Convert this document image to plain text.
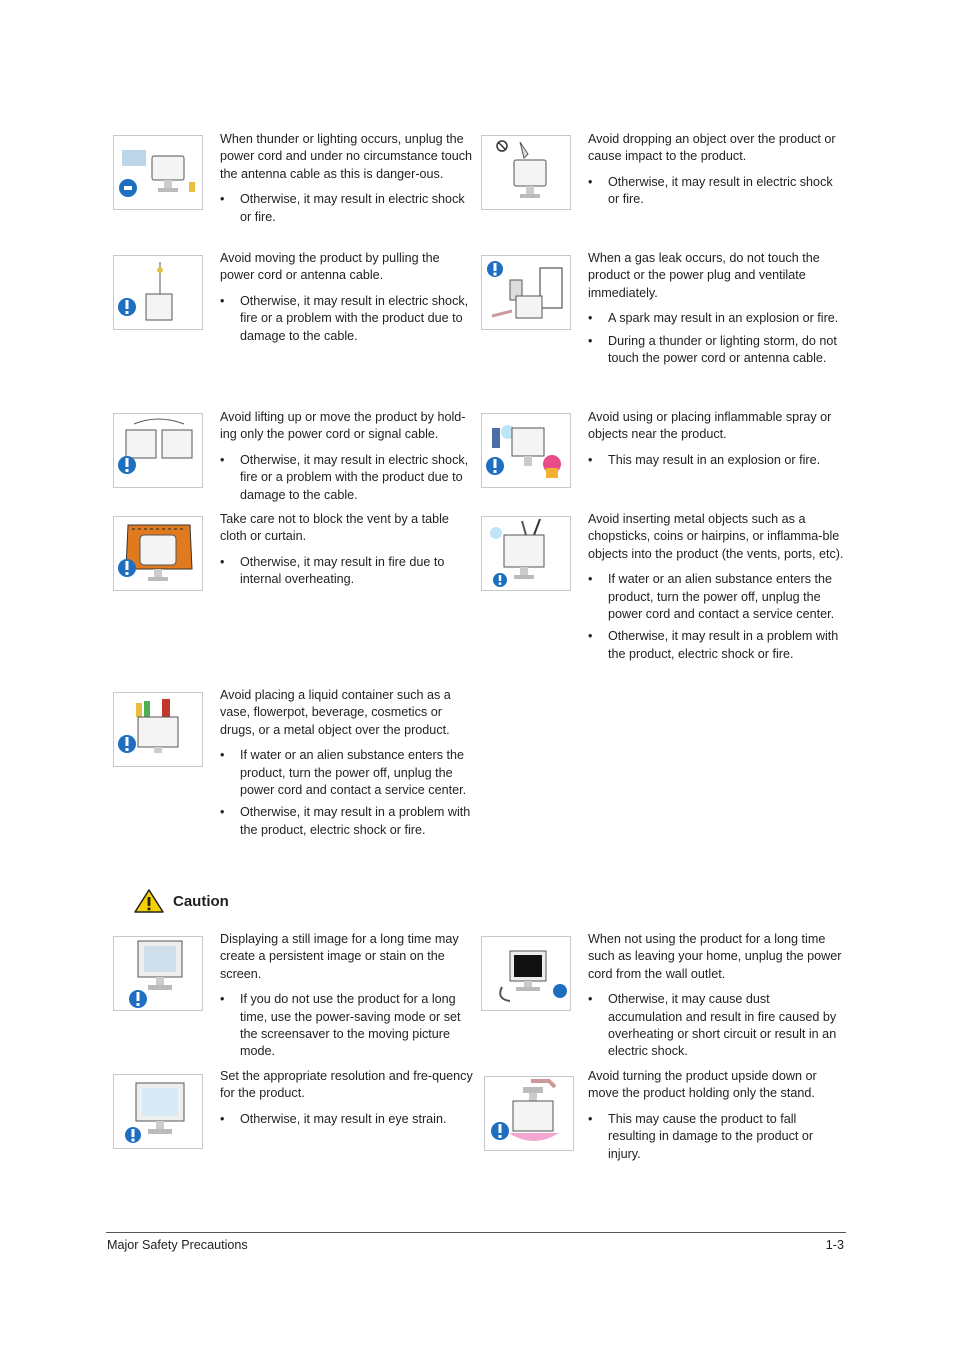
When thunder or lighting occurs, unplug the power cord and under no circumstance touch the antenna cable as this is danger-ous.

• Otherwise, it may result in electric shock or fire.

Avoid dropping an object over the product or cause impact to the product.

• Otherwise, it may result in electric shock or fire.

Avoid moving the product by pulling the power cord or antenna cable.

• Otherwise, it may result in electric shock, fire or a problem with the product due to damage to the cable.

When a gas leak occurs, do not touch the product or the power plug and ventilate immediately.

• A spark may result in an explosion or fire.
• During a thunder or lighting storm, do not touch the power cord or antenna cable.

Avoid lifting up or move the product by hold-ing only the power cord or signal cable.

• Otherwise, it may result in electric shock, fire or a problem with the product due to damage to the cable.

Avoid using or placing inflammable spray or objects near the product.

• This may result in an explosion or fire.

Take care not to block the vent by a table cloth or curtain.

• Otherwise, it may result in fire due to internal overheating.

Avoid inserting metal objects such as a chopsticks, coins or hairpins, or inflamma-ble objects into the product (the vents, ports, etc).

• If water or an alien substance enters the product, turn the power off, unplug the power cord and contact a service center.
• Otherwise, it may result in a problem with the product, electric shock or fire.

Avoid placing a liquid container such as a vase, flowerpot, beverage, cosmetics or drugs, or a metal object over the product.

• If water or an alien substance enters the product, turn the power off, unplug the power cord and contact a service center.
• Otherwise, it may result in a problem with the product, electric shock or fire.
Caution

Displaying a still image for a long time may create a persistent image or stain on the screen.

• If you do not use the product for a long time, use the power-saving mode or set the screensaver to the moving picture mode.

When not using the product for a long time such as leaving your home, unplug the power cord from the wall outlet.

• Otherwise, it may cause dust accumulation and result in fire caused by overheating or short circuit or result in an electric shock.

Set the appropriate resolution and fre-quency for the product.

• Otherwise, it may result in eye strain.

Avoid turning the product upside down or move the product holding only the stand.

• This may cause the product to fall resulting in damage to the product or injury.
Major Safety Precautions	1-3
